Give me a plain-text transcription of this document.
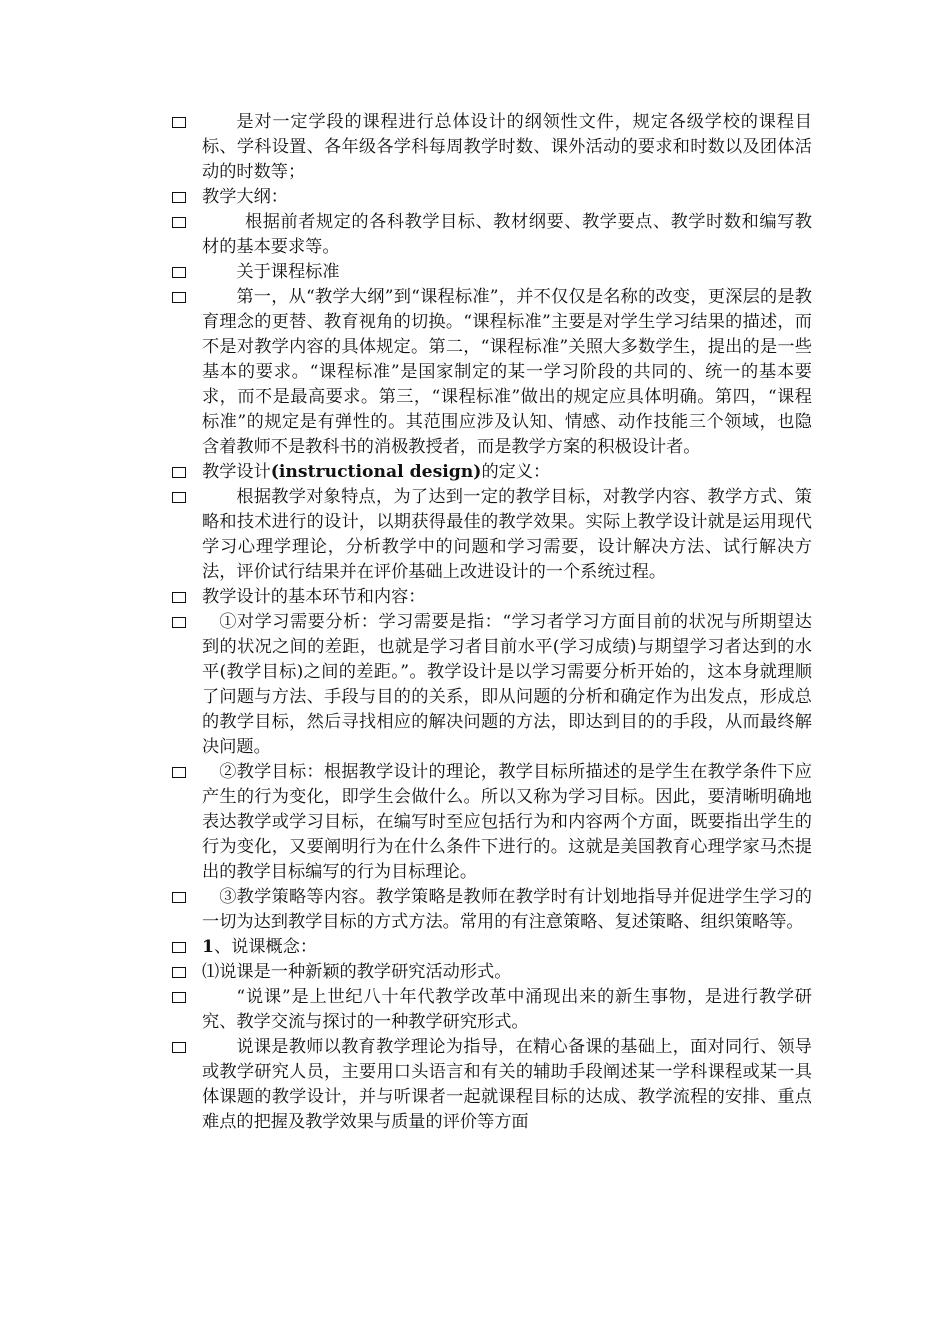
是对一定学段的课程进行总体设计的纲领性文件，规定各级学校的课程目标、学科设置、各年级各学科每周教学时数、课外活动的要求和时数以及团体活动的时数等；
教学大纲：
根据前者规定的各科教学目标、教材纲要、教学要点、教学时数和编写教材的基本要求等。
关于课程标准
第一，从“教学大纲”到“课程标准”，并不仅仅是名称的改变，更深层的是教育理念的更替、教育视角的切换。“课程标准”主要是对学生学习结果的描述，而不是对教学内容的具体规定。第二，“课程标准”关照大多数学生，提出的是一些基本的要求。“课程标准”是国家制定的某一学习阶段的共同的、统一的基本要求，而不是最高要求。第三，“课程标准”做出的规定应具体明确。第四，“课程标准”的规定是有弹性的。其范围应涉及认知、情感、动作技能三个领域，也隐含着教师不是教科书的消极教授者，而是教学方案的积极设计者。
教学设计(instructional design)的定义：
根据教学对象特点，为了达到一定的教学目标，对教学内容、教学方式、策略和技术进行的设计，以期获得最佳的教学效果。实际上教学设计就是运用现代学习心理学理论，分析教学中的问题和学习需要，设计解决方法、试行解决方法，评价试行结果并在评价基础上改进设计的一个系统过程。
教学设计的基本环节和内容：
①对学习需要分析：学习需要是指：“学习者学习方面目前的状况与所期望达到的状况之间的差距，也就是学习者目前水平(学习成绩)与期望学习者达到的水平(教学目标)之间的差距。”。教学设计是以学习需要分析开始的，这本身就理顺了问题与方法、手段与目的的关系，即从问题的分析和确定作为出发点，形成总的教学目标，然后寻找相应的解决问题的方法，即达到目的的手段，从而最终解决问题。
②教学目标：根据教学设计的理论，教学目标所描述的是学生在教学条件下应产生的行为变化，即学生会做什么。所以又称为学习目标。因此，要清晰明确地表达教学或学习目标，在编写时至应包括行为和内容两个方面，既要指出学生的行为变化，又要阐明行为在什么条件下进行的。这就是美国教育心理学家马杰提出的教学目标编写的行为目标理论。
③教学策略等内容。教学策略是教师在教学时有计划地指导并促进学生学习的一切为达到教学目标的方式方法。常用的有注意策略、复述策略、组织策略等。
1、说课概念：
⑴说课是一种新颖的教学研究活动形式。
“说课”是上世纪八十年代教学改革中涌现出来的新生事物，是进行教学研究、教学交流与探讨的一种教学研究形式。
说课是教师以教育教学理论为指导，在精心备课的基础上，面对同行、领导或教学研究人员，主要用口头语言和有关的辅助手段阐述某一学科课程或某一具体课题的教学设计，并与听课者一起就课程目标的达成、教学流程的安排、重点难点的把握及教学效果与质量的评价等方面
